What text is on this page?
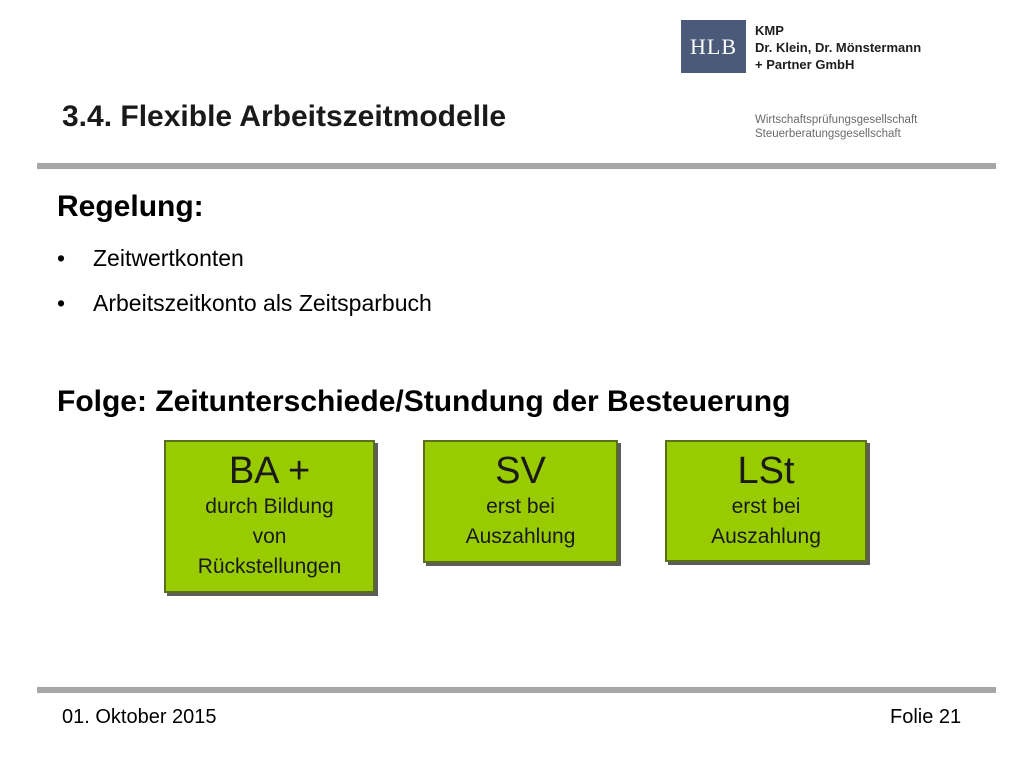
HLB
KMP
Dr. Klein, Dr. Mönstermann
+ Partner GmbH
Wirtschaftsprüfungsgesellschaft
Steuerberatungsgesellschaft
3.4. Flexible Arbeitszeitmodelle
Regelung:
• Zeitwertkonten
• Arbeitszeitkonto als Zeitsparbuch
Folge: Zeitunterschiede/Stundung der Besteuerung
BA +
durch Bildung
von
Rückstellungen
SV
erst bei
Auszahlung
LSt
erst bei
Auszahlung
01. Oktober 2015	Folie 21
